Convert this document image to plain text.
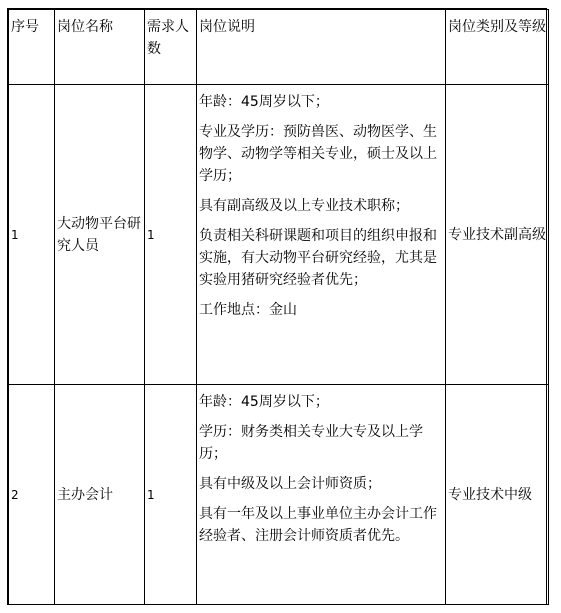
序号	岗位名称	需求人数	岗位说明	岗位类别及等级
1	大动物平台研究人员	1	年龄：45周岁以下；

专业及学历：预防兽医、动物医学、生物学、动物学等相关专业，硕士及以上学历；

具有副高级及以上专业技术职称；

负责相关科研课题和项目的组织申报和实施，有大动物平台研究经验，尤其是实验用猪研究经验者优先；

工作地点：金山	专业技术副高级
2	主办会计	1	年龄：45周岁以下；

学历：财务类相关专业大专及以上学历；

具有中级及以上会计师资质；

具有一年及以上事业单位主办会计工作经验者、注册会计师资质者优先。	专业技术中级
